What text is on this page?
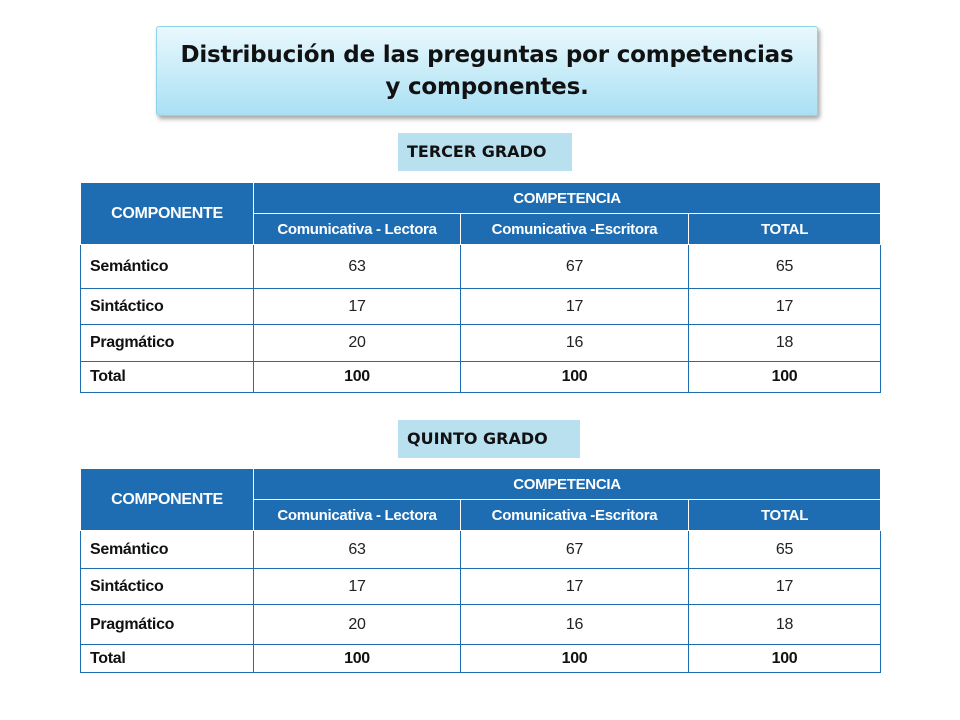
Distribución de las preguntas por competencias
y componentes.
TERCER GRADO
COMPONENTE	COMPETENCIA		
	Comunicativa - Lectora	Comunicativa -Escritora	TOTAL
Semántico	63	67	65
Sintáctico	17	17	17
Pragmático	20	16	18
Total	100	100	100
QUINTO GRADO
COMPONENTE	COMPETENCIA		
	Comunicativa - Lectora	Comunicativa -Escritora	TOTAL
Semántico	63	67	65
Sintáctico	17	17	17
Pragmático	20	16	18
Total	100	100	100
